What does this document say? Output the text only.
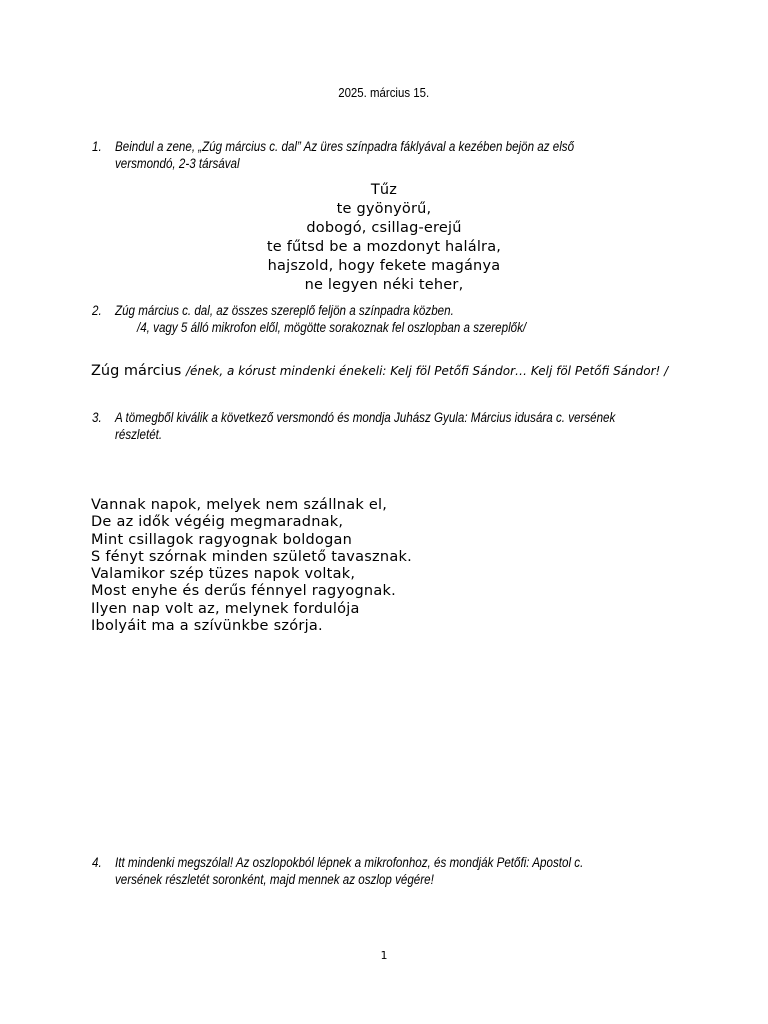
2025. március 15.
1. Beindul a zene, „Zúg március c. dal” Az üres színpadra fáklyával a kezében bejön az első
versmondó, 2-3 társával
Tűz
te gyönyörű,
dobogó, csillag-erejű
te fűtsd be a mozdonyt halálra,
hajszold, hogy fekete magánya
ne legyen néki teher,
2. Zúg március c. dal, az összes szereplő feljön a színpadra közben.
/4, vagy 5 álló mikrofon elől, mögötte sorakoznak fel oszlopban a szereplők/
Zúg március /ének, a kórust mindenki énekeli: Kelj föl Petőfi Sándor… Kelj föl Petőfi Sándor! /
3. A tömegből kiválik a következő versmondó és mondja Juhász Gyula: Március idusára c. versének
részletét.
Vannak napok, melyek nem szállnak el,
De az idők végéig megmaradnak,
Mint csillagok ragyognak boldogan
S fényt szórnak minden születő tavasznak.
Valamikor szép tüzes napok voltak,
Most enyhe és derűs fénnyel ragyognak.
Ilyen nap volt az, melynek fordulója
Ibolyáit ma a szívünkbe szórja.
4. Itt mindenki megszólal! Az oszlopokból lépnek a mikrofonhoz, és mondják Petőfi: Apostol c.
versének részletét soronként, majd mennek az oszlop végére!
1
